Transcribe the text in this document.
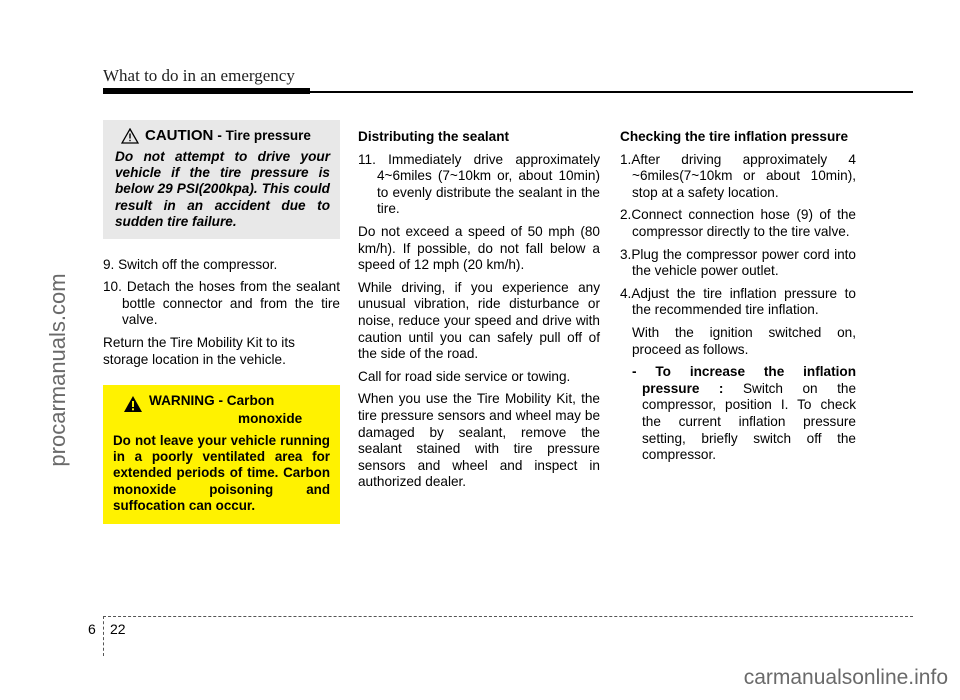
What to do in an emergency
procarmanuals.com
CAUTION - Tire pressure
Do not attempt to drive your vehicle if the tire pressure is below 29 PSI(200kpa). This could result in an accident due to sudden tire failure.

9. Switch off the compressor.

10. Detach the hoses from the sealant bottle connector and from the tire valve.

Return the Tire Mobility Kit to its storage location in the vehicle.

WARNING - Carbon
monoxide
Do not leave your vehicle running in a poorly ventilated area for extended periods of time. Carbon monoxide poisoning and suffocation can occur.

Distributing the sealant

11. Immediately drive approximately 4~6miles (7~10km or, about 10min) to evenly distribute the sealant in the tire.

Do not exceed a speed of 50 mph (80 km/h). If possible, do not fall below a speed of 12 mph (20 km/h).

While driving, if you experience any unusual vibration, ride disturbance or noise, reduce your speed and drive with caution until you can safely pull off of the side of the road.

Call for road side service or towing.

When you use the Tire Mobility Kit, the tire pressure sensors and wheel may be damaged by sealant, remove the sealant stained with tire pressure sensors and wheel and inspect in authorized dealer.

Checking the tire inflation pressure

1.After driving approximately 4 ~6miles(7~10km or about 10min), stop at a safety location.

2.Connect connection hose (9) of the compressor directly to the tire valve.

3.Plug the compressor power cord into the vehicle power outlet.

4.Adjust the tire inflation pressure to the recommended tire inflation.

With the ignition switched on, proceed as follows.

- To increase the inflation pressure : Switch on the compressor, position I. To check the current inflation pressure setting, briefly switch off the compressor.

6 22
carmanualsonline.info
